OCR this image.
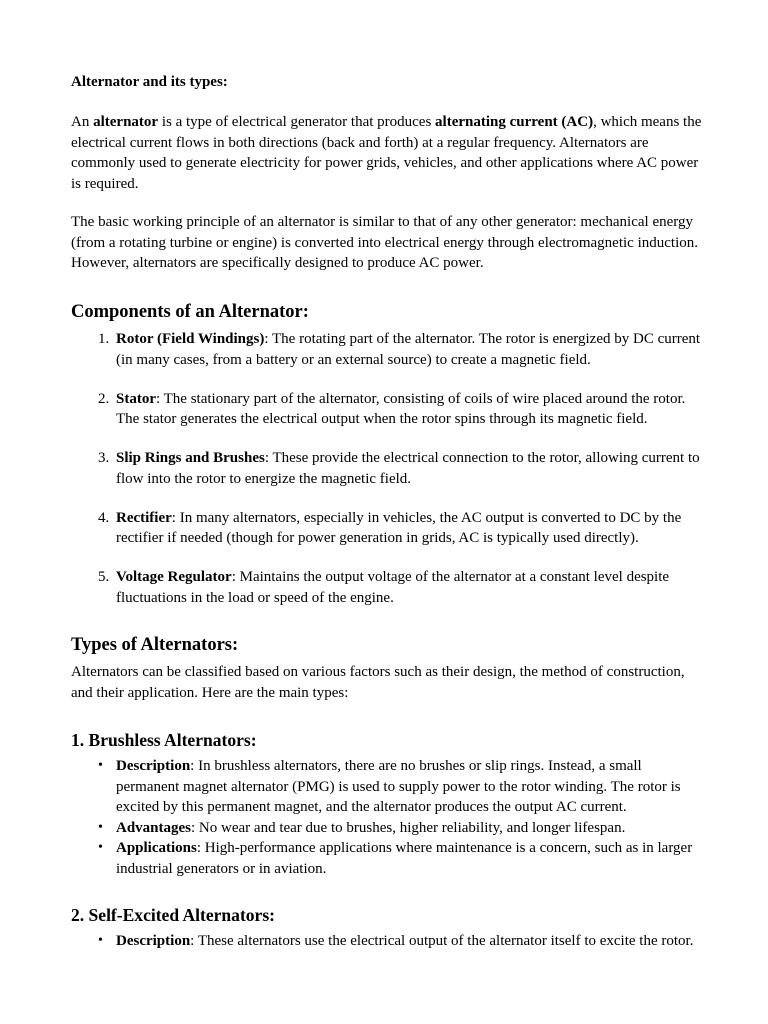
Alternator and its types:

An alternator is a type of electrical generator that produces alternating current (AC), which means the electrical current flows in both directions (back and forth) at a regular frequency. Alternators are commonly used to generate electricity for power grids, vehicles, and other applications where AC power is required.

The basic working principle of an alternator is similar to that of any other generator: mechanical energy (from a rotating turbine or engine) is converted into electrical energy through electromagnetic induction. However, alternators are specifically designed to produce AC power.

Components of an Alternator:
1. Rotor (Field Windings): The rotating part of the alternator. The rotor is energized by DC current (in many cases, from a battery or an external source) to create a magnetic field.
2. Stator: The stationary part of the alternator, consisting of coils of wire placed around the rotor. The stator generates the electrical output when the rotor spins through its magnetic field.
3. Slip Rings and Brushes: These provide the electrical connection to the rotor, allowing current to flow into the rotor to energize the magnetic field.
4. Rectifier: In many alternators, especially in vehicles, the AC output is converted to DC by the rectifier if needed (though for power generation in grids, AC is typically used directly).
5. Voltage Regulator: Maintains the output voltage of the alternator at a constant level despite fluctuations in the load or speed of the engine.
Types of Alternators:

Alternators can be classified based on various factors such as their design, the method of construction, and their application. Here are the main types:

1. Brushless Alternators:
• Description: In brushless alternators, there are no brushes or slip rings. Instead, a small permanent magnet alternator (PMG) is used to supply power to the rotor winding. The rotor is excited by this permanent magnet, and the alternator produces the output AC current.
• Advantages: No wear and tear due to brushes, higher reliability, and longer lifespan.
• Applications: High-performance applications where maintenance is a concern, such as in larger industrial generators or in aviation.
2. Self-Excited Alternators:
• Description: These alternators use the electrical output of the alternator itself to excite the rotor.
